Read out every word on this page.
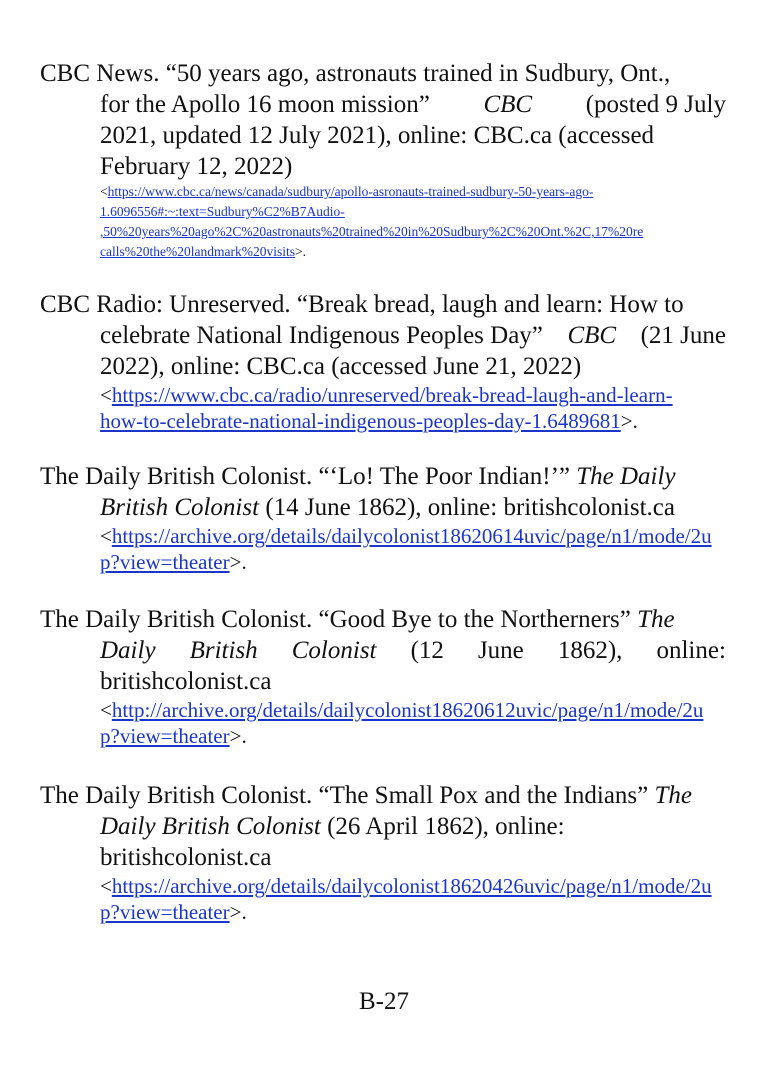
CBC News. “50 years ago, astronauts trained in Sudbury, Ont.,
for the Apollo 16 moon mission” CBC (posted 9 July
2021, updated 12 July 2021), online: CBC.ca (accessed
February 12, 2022)
<https://www.cbc.ca/news/canada/sudbury/apollo-asronauts-trained-sudbury-50-years-ago-
1.6096556#:~:text=Sudbury%C2%B7Audio-
,50%20years%20ago%2C%20astronauts%20trained%20in%20Sudbury%2C%20Ont.%2C,17%20re
calls%20the%20landmark%20visits>.
CBC Radio: Unreserved. “Break bread, laugh and learn: How to
celebrate National Indigenous Peoples Day” CBC (21 June
2022), online: CBC.ca (accessed June 21, 2022)
<https://www.cbc.ca/radio/unreserved/break-bread-laugh-and-learn-
how-to-celebrate-national-indigenous-peoples-day-1.6489681>.
The Daily British Colonist. “‘Lo! The Poor Indian!’” The Daily
British Colonist (14 June 1862), online: britishcolonist.ca
<https://archive.org/details/dailycolonist18620614uvic/page/n1/mode/2u
p?view=theater>.
The Daily British Colonist. “Good Bye to the Northerners” The
Daily British Colonist (12 June 1862), online:
britishcolonist.ca
<http://archive.org/details/dailycolonist18620612uvic/page/n1/mode/2u
p?view=theater>.
The Daily British Colonist. “The Small Pox and the Indians” The
Daily British Colonist (26 April 1862), online:
britishcolonist.ca
<https://archive.org/details/dailycolonist18620426uvic/page/n1/mode/2u
p?view=theater>.
B-27
